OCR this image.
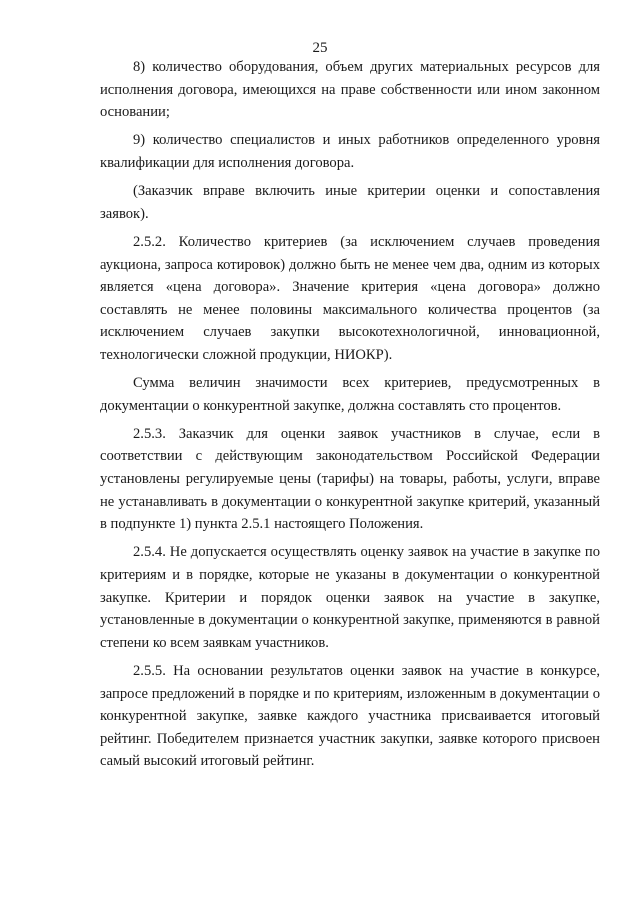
25

8) количество оборудования, объем других материальных ресурсов для исполнения договора, имеющихся на праве собственности или ином законном основании;

9) количество специалистов и иных работников определенного уровня квалификации для исполнения договора.

(Заказчик вправе включить иные критерии оценки и сопоставления заявок).

2.5.2. Количество критериев (за исключением случаев проведения аукциона, запроса котировок) должно быть не менее чем два, одним из которых является «цена договора». Значение критерия «цена договора» должно составлять не менее половины максимального количества процентов (за исключением случаев закупки высокотехнологичной, инновационной, технологически сложной продукции, НИОКР).

Сумма величин значимости всех критериев, предусмотренных в документации о конкурентной закупке, должна составлять сто процентов.

2.5.3. Заказчик для оценки заявок участников в случае, если в соответствии с действующим законодательством Российской Федерации установлены регулируемые цены (тарифы) на товары, работы, услуги, вправе не устанавливать в документации о конкурентной закупке критерий, указанный в подпункте 1) пункта 2.5.1 настоящего Положения.

2.5.4. Не допускается осуществлять оценку заявок на участие в закупке по критериям и в порядке, которые не указаны в документации о конкурентной закупке. Критерии и порядок оценки заявок на участие в закупке, установленные в документации о конкурентной закупке, применяются в равной степени ко всем заявкам участников.

2.5.5. На основании результатов оценки заявок на участие в конкурсе, запросе предложений в порядке и по критериям, изложенным в документации о конкурентной закупке, заявке каждого участника присваивается итоговый рейтинг. Победителем признается участник закупки, заявке которого присвоен самый высокий итоговый рейтинг.
